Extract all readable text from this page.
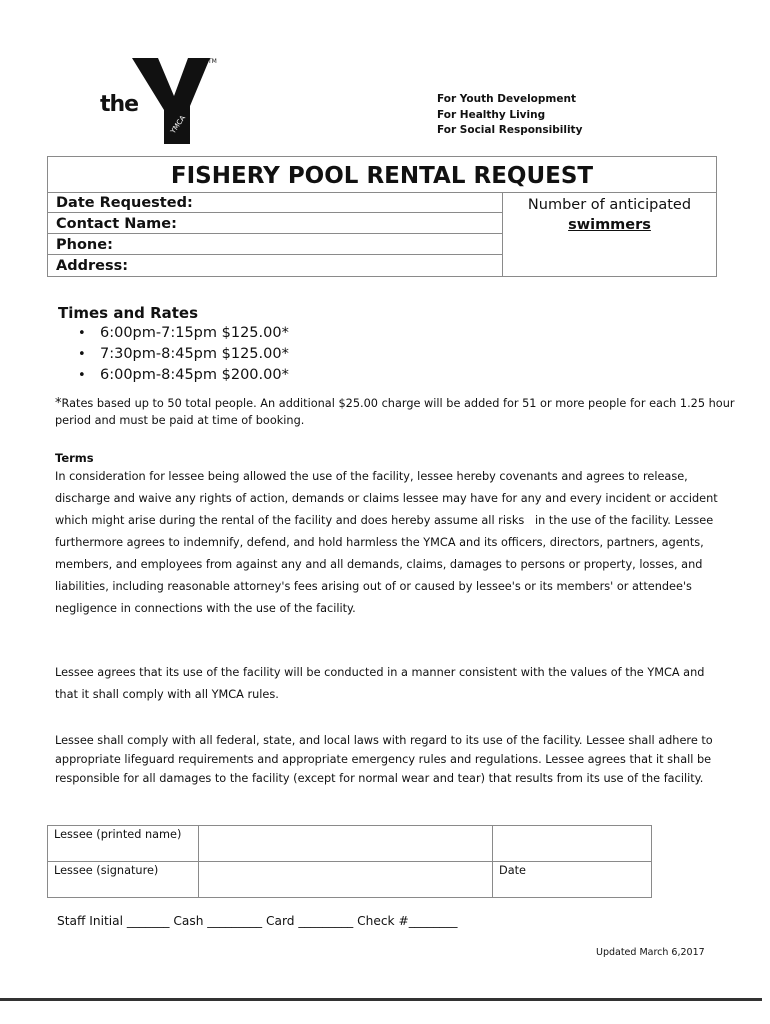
the
YMCA
TM
For Youth Development
For Healthy Living
For Social Responsibility
FISHERY POOL RENTAL REQUEST
Date Requested:
Contact Name:
Phone:
Address:
Number of anticipated
swimmers
Times and Rates
• 6:00pm-7:15pm $125.00*
• 7:30pm-8:45pm $125.00*
• 6:00pm-8:45pm $200.00*
*Rates based up to 50 total people. An additional $25.00 charge will be added for 51 or more people for each 1.25 hour period and must be paid at time of booking.
Terms
In consideration for lessee being allowed the use of the facility, lessee hereby covenants and agrees to release, discharge and waive any rights of action, demands or claims lessee may have for any and every incident or accident which might arise during the rental of the facility and does hereby assume all risks   in the use of the facility. Lessee furthermore agrees to indemnify, defend, and hold harmless the YMCA and its officers, directors, partners, agents, members, and employees from against any and all demands, claims, damages to persons or property, losses, and liabilities, including reasonable attorney's fees arising out of or caused by lessee's or its members' or attendee's negligence in connections with the use of the facility.
Lessee agrees that its use of the facility will be conducted in a manner consistent with the values of the YMCA and that it shall comply with all YMCA rules.
Lessee shall comply with all federal, state, and local laws with regard to its use of the facility. Lessee shall adhere to appropriate lifeguard requirements and appropriate emergency rules and regulations. Lessee agrees that it shall be responsible for all damages to the facility (except for normal wear and tear) that results from its use of the facility.
Lessee (printed name)		
Lessee (signature)		Date
Staff Initial _______ Cash _________ Card _________ Check #________
Updated March 6,2017
